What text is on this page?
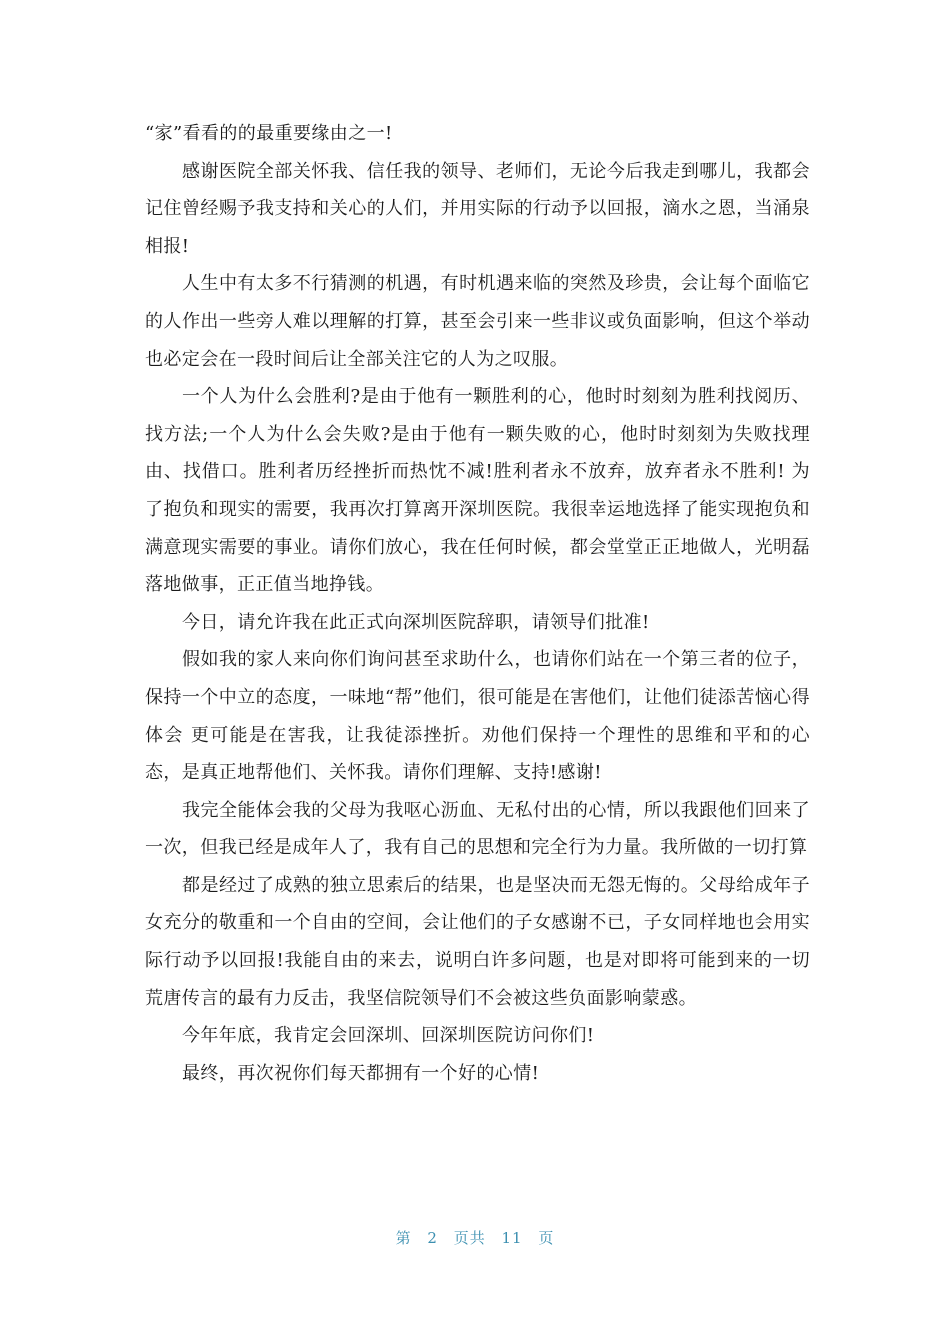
“家”看看的的最重要缘由之一!

感谢医院全部关怀我、信任我的领导、老师们，无论今后我走到哪儿，我都会记住曾经赐予我支持和关心的人们，并用实际的行动予以回报，滴水之恩，当涌泉相报!

人生中有太多不行猜测的机遇，有时机遇来临的突然及珍贵，会让每个面临它的人作出一些旁人难以理解的打算，甚至会引来一些非议或负面影响，但这个举动也必定会在一段时间后让全部关注它的人为之叹服。

一个人为什么会胜利?是由于他有一颗胜利的心，他时时刻刻为胜利找阅历、找方法;一个人为什么会失败?是由于他有一颗失败的心，他时时刻刻为失败找理由、找借口。胜利者历经挫折而热忱不减!胜利者永不放弃，放弃者永不胜利! 为了抱负和现实的需要，我再次打算离开深圳医院。我很幸运地选择了能实现抱负和满意现实需要的事业。请你们放心，我在任何时候，都会堂堂正正地做人，光明磊落地做事，正正值当地挣钱。

今日，请允许我在此正式向深圳医院辞职，请领导们批准!

假如我的家人来向你们询问甚至求助什么，也请你们站在一个第三者的位子，保持一个中立的态度，一味地“帮”他们，很可能是在害他们，让他们徒添苦恼心得体会 更可能是在害我，让我徒添挫折。劝他们保持一个理性的思维和平和的心态，是真正地帮他们、关怀我。请你们理解、支持!感谢!

我完全能体会我的父母为我呕心沥血、无私付出的心情，所以我跟他们回来了一次，但我已经是成年人了，我有自己的思想和完全行为力量。我所做的一切打算

都是经过了成熟的独立思索后的结果，也是坚决而无怨无悔的。父母给成年子女充分的敬重和一个自由的空间，会让他们的子女感谢不已，子女同样地也会用实际行动予以回报!我能自由的来去，说明白许多问题，也是对即将可能到来的一切荒唐传言的最有力反击，我坚信院领导们不会被这些负面影响蒙惑。

今年年底，我肯定会回深圳、回深圳医院访问你们!

最终，再次祝你们每天都拥有一个好的心情!

第 2 页共 11 页
